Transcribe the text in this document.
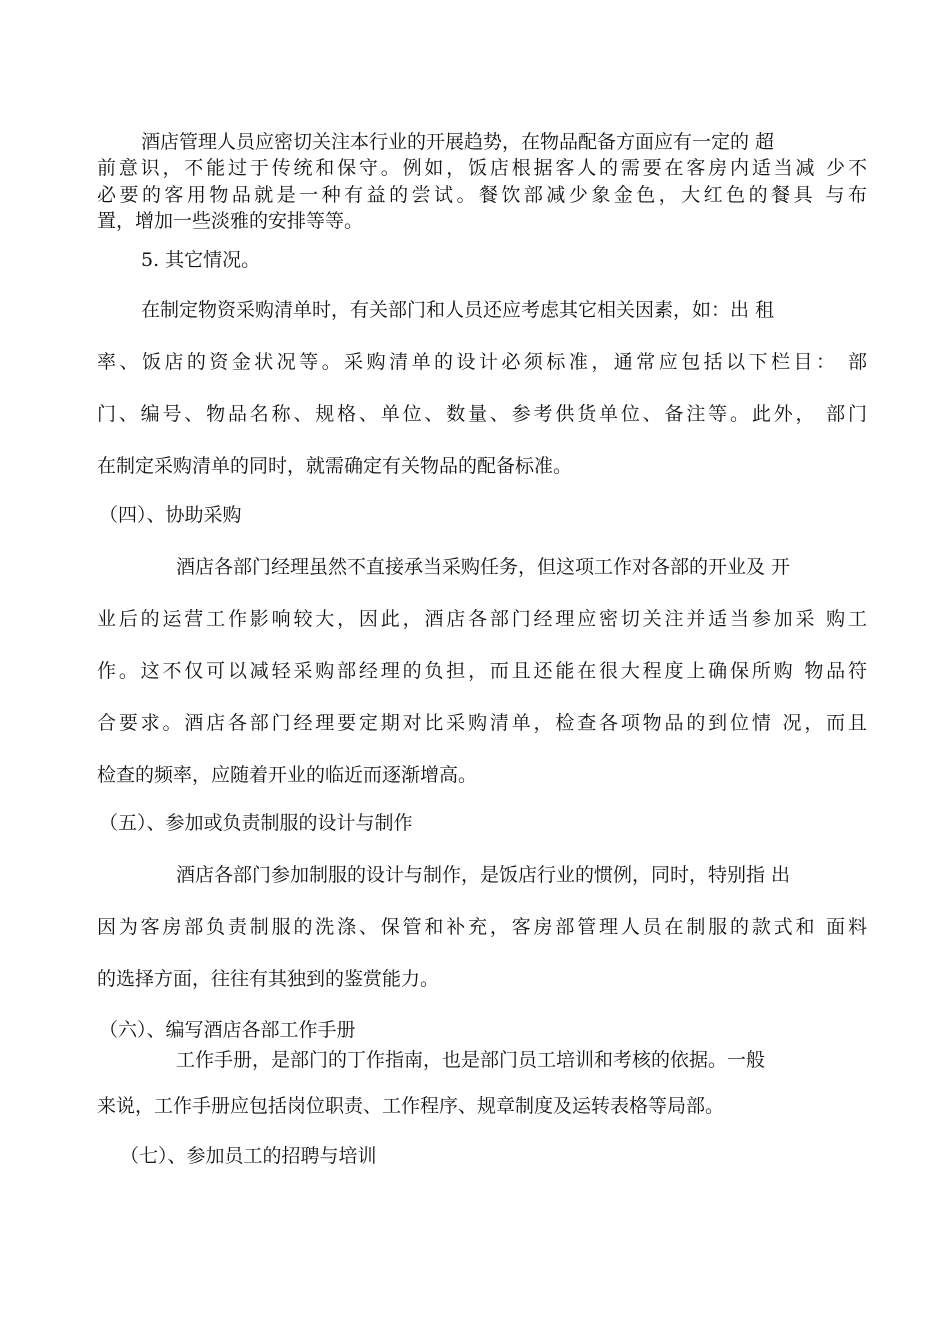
酒店管理人员应密切关注本行业的开展趋势，在物品配备方面应有一定的 超
前意识，不能过于传统和保守。例如，饭店根据客人的需要在客房内适当减 少不
必要的客用物品就是一种有益的尝试。餐饮部减少象金色，大红色的餐具 与布
置，增加一些淡雅的安排等等。
5. 其它情况。
在制定物资采购清单时，有关部门和人员还应考虑其它相关因素，如：出 租
率、饭店的资金状况等。采购清单的设计必须标准，通常应包括以下栏目： 部
门、编号、物品名称、规格、单位、数量、参考供货单位、备注等。此外， 部门
在制定采购清单的同时，就需确定有关物品的配备标准。
（四）、协助采购
酒店各部门经理虽然不直接承当采购任务，但这项工作对各部的开业及 开
业后的运营工作影响较大，因此，酒店各部门经理应密切关注并适当参加采 购工
作。这不仅可以减轻采购部经理的负担，而且还能在很大程度上确保所购 物品符
合要求。酒店各部门经理要定期对比采购清单，检查各项物品的到位情 况，而且
检查的频率，应随着开业的临近而逐渐增高。
（五）、参加或负责制服的设计与制作
酒店各部门参加制服的设计与制作，是饭店行业的惯例，同时，特别指 出
因为客房部负责制服的洗涤、保管和补充，客房部管理人员在制服的款式和 面料
的选择方面，往往有其独到的鉴赏能力。
（六）、编写酒店各部工作手册
工作手册，是部门的丁作指南，也是部门员工培训和考核的依据。一般
来说，工作手册应包括岗位职责、工作程序、规章制度及运转表格等局部。
（七）、参加员工的招聘与培训
